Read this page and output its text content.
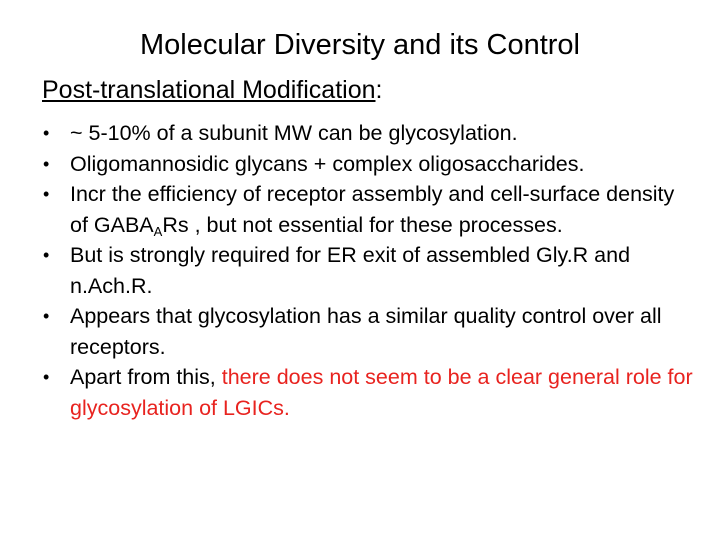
Molecular Diversity and its Control
Post-translational Modification:
• ~ 5-10% of a subunit MW can be glycosylation.
• Oligomannosidic glycans + complex oligosaccharides.
• Incr the efficiency of receptor assembly and cell-surface density of $GABA_ARs$ , but not essential for these processes.
• But is strongly required for ER exit of assembled Gly.R and n.Ach.R.
• Appears that glycosylation has a similar quality control over all receptors.
• Apart from this, there does not seem to be a clear general role for glycosylation of LGICs.
